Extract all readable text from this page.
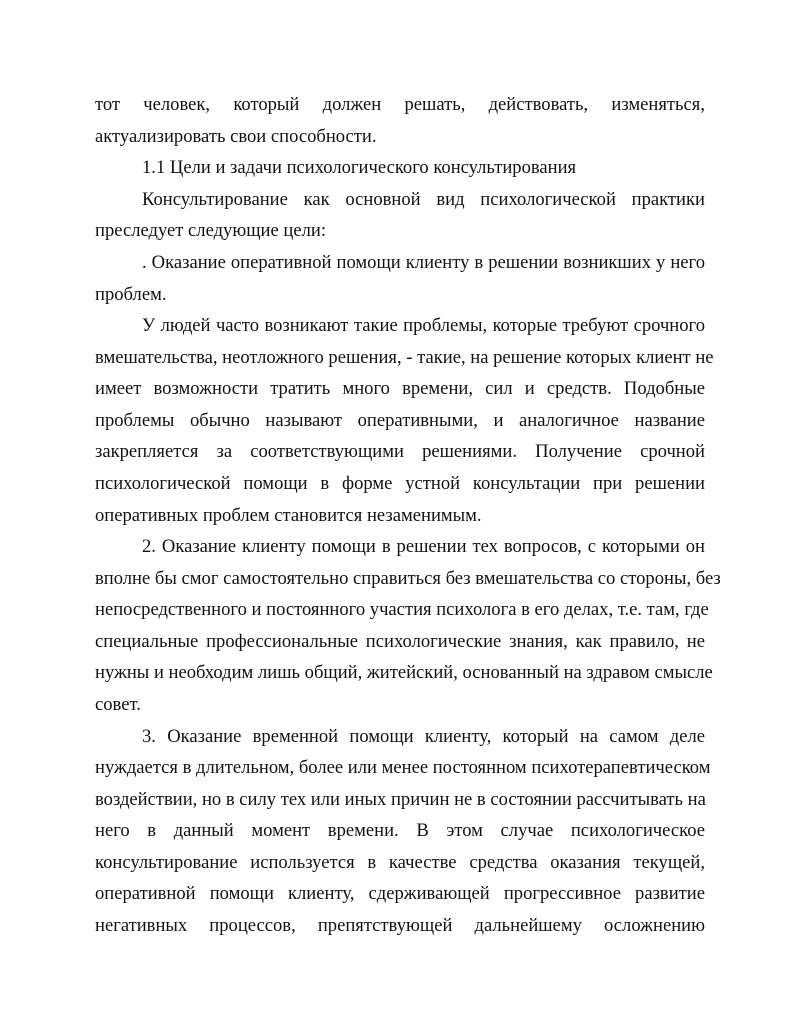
тот человек, который должен решать, действовать, изменяться,
актуализировать свои способности.
1.1 Цели и задачи психологического консультирования
Консультирование как основной вид психологической практики
преследует следующие цели:
. Оказание оперативной помощи клиенту в решении возникших у него
проблем.
У людей часто возникают такие проблемы, которые требуют срочного
вмешательства, неотложного решения, - такие, на решение которых клиент не
имеет возможности тратить много времени, сил и средств. Подобные
проблемы обычно называют оперативными, и аналогичное название
закрепляется за соответствующими решениями. Получение срочной
психологической помощи в форме устной консультации при решении
оперативных проблем становится незаменимым.
2. Оказание клиенту помощи в решении тех вопросов, с которыми он
вполне бы смог самостоятельно справиться без вмешательства со стороны, без
непосредственного и постоянного участия психолога в его делах, т.е. там, где
специальные профессиональные психологические знания, как правило, не
нужны и необходим лишь общий, житейский, основанный на здравом смысле
совет.
3. Оказание временной помощи клиенту, который на самом деле
нуждается в длительном, более или менее постоянном психотерапевтическом
воздействии, но в силу тех или иных причин не в состоянии рассчитывать на
него в данный момент времени. В этом случае психологическое
консультирование используется в качестве средства оказания текущей,
оперативной помощи клиенту, сдерживающей прогрессивное развитие
негативных процессов, препятствующей дальнейшему осложнению
